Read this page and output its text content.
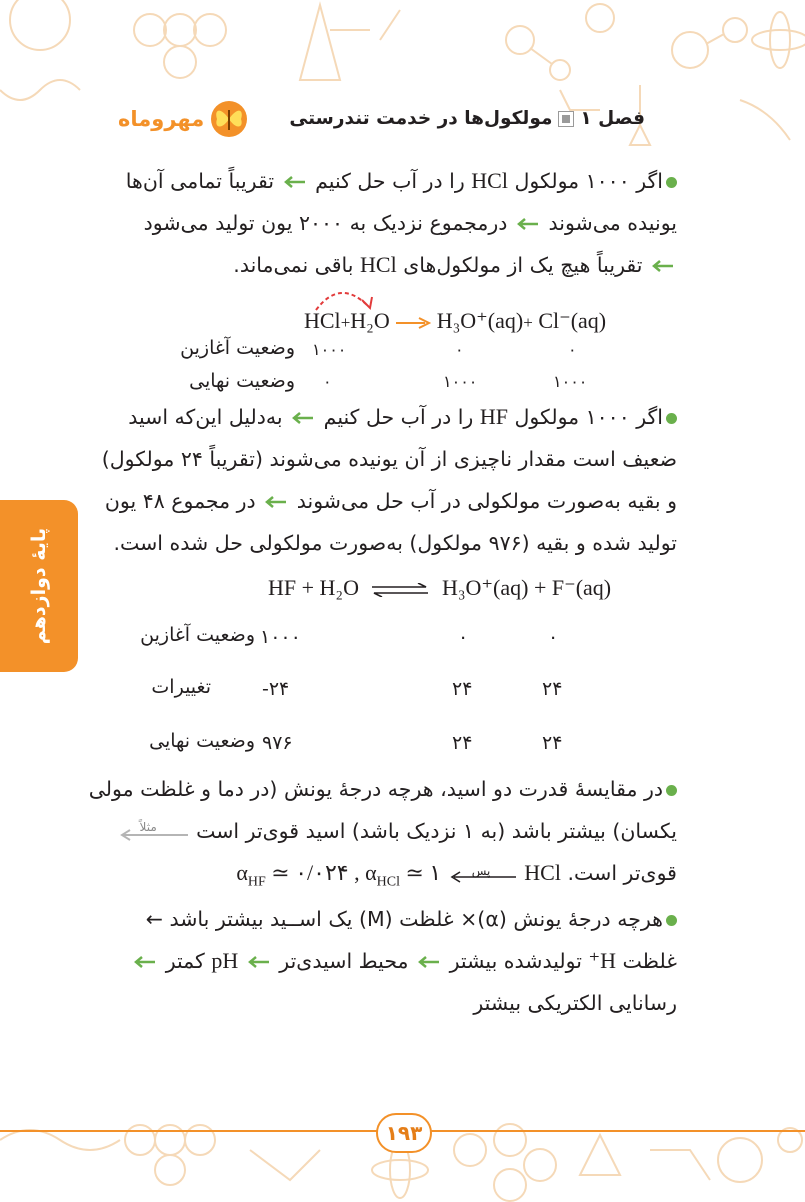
مهروماه	فصل ۱
مولکول‌ها در خدمت تندرستی
پایهٔ دوازدهم

اگر ۱۰۰۰ مولکول HCl را در آب حل کنیم  تقریباً تمامی آن‌ها

یونیده می‌شوند  درمجموع نزدیک به ۲۰۰۰ یون تولید می‌شود

تقریباً هیچ یک از مولکول‌های HCl باقی نمی‌ماند.

HCl+H₂O → H₃O⁺(aq)+ Cl⁻(aq)
وضعیت آغازین ۱۰۰۰	۰	۰
وضعیت نهایی ۰	۱۰۰۰	۱۰۰۰

اگر ۱۰۰۰ مولکول HF را در آب حل کنیم  به‌دلیل این‌که اسید

ضعیف است مقدار ناچیزی از آن یونیده می‌شوند (تقریباً ۲۴ مولکول)

و بقیه به‌صورت مولکولی در آب حل می‌شوند  در مجموع ۴۸ یون

تولید شده و بقیه (۹۷۶ مولکول) به‌صورت مولکولی حل شده است.

HF + H₂O ⇌ H₃O⁺(aq) + F⁻(aq)
وضعیت آغازین ۱۰۰۰	۰	۰
تغییرات	-۲۴	۲۴	۲۴
وضعیت نهایی ۹۷۶	۲۴	۲۴

در مقایسهٔ قدرت دو اسید، هرچه درجهٔ یونش (در دما و غلظت مولی

یکسان) بیشتر باشد (به ۱ نزدیک باشد) اسید قوی‌تر است
مثلاً

قوی‌تر است. HCl
پس
$\alpha_{HF}$ ≃ ۰/۰۲۴ , $\alpha_{HCl}$ ≃ ۱

هرچه درجهٔ یونش (α)× غلظت (M) یک اســید بیشتر باشد ←

غلظت H⁺ تولیدشده بیشتر  محیط اسیدی‌تر  pH کمتر

رسانایی الکتریکی بیشتر

۱۹۳
